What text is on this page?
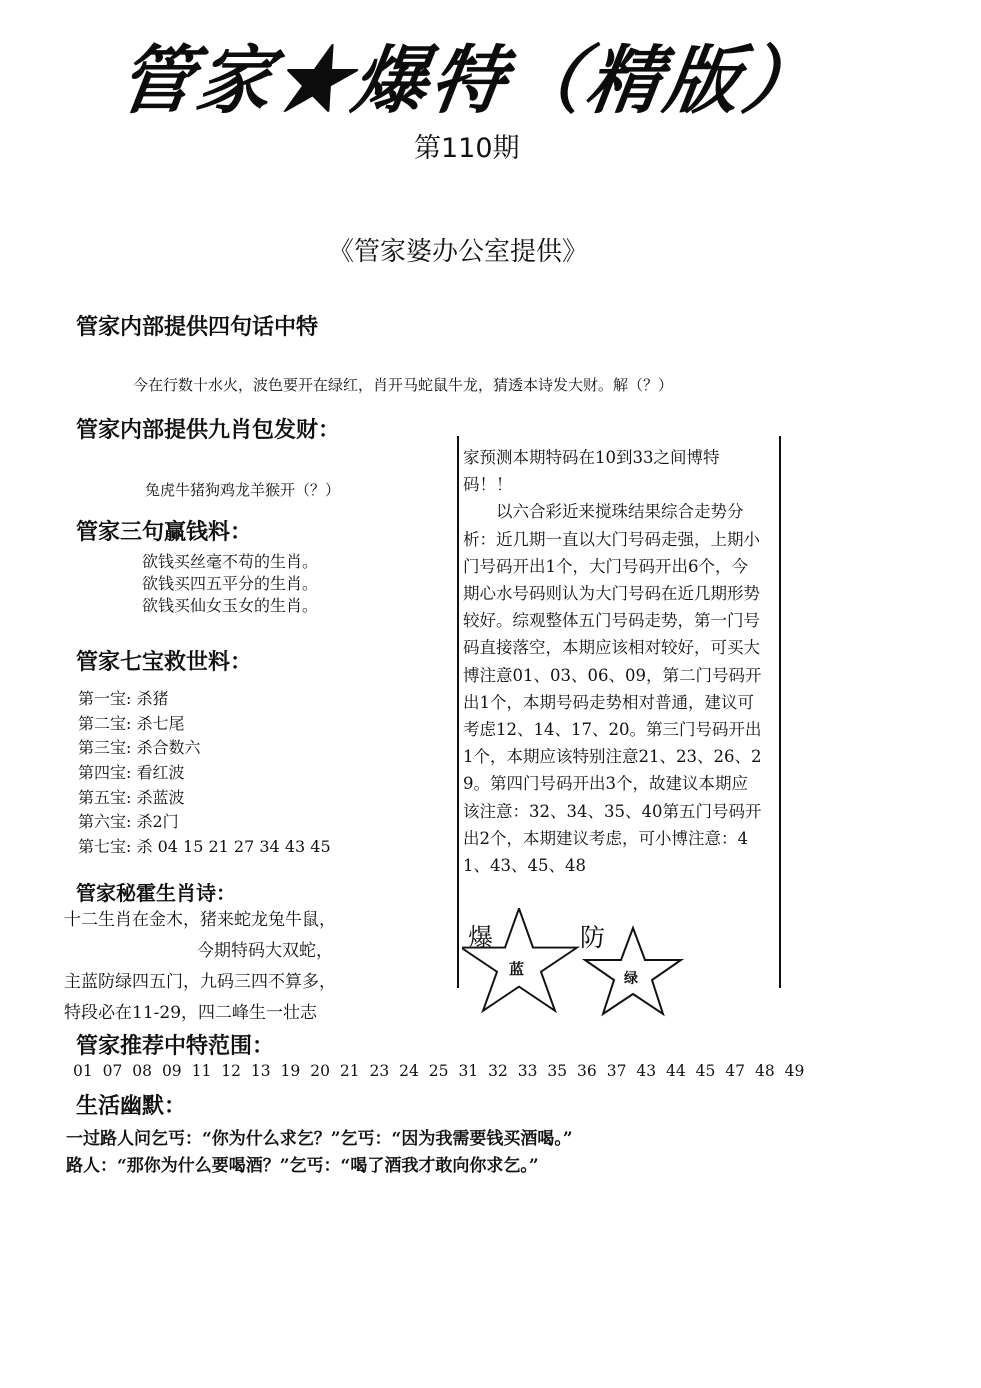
管家★爆特（精版）
第110期
《管家婆办公室提供》
管家内部提供四句话中特
今在行数十水火，波色要开在绿红，肖开马蛇鼠牛龙，猜透本诗发大财。解（？）
管家内部提供九肖包发财：
兔虎牛猪狗鸡龙羊猴开（？）
管家三句赢钱料：
欲钱买丝毫不苟的生肖。
欲钱买四五平分的生肖。
欲钱买仙女玉女的生肖。
管家七宝救世料：
第一宝: 杀猪
第二宝: 杀七尾
第三宝: 杀合数六
第四宝: 看红波
第五宝: 杀蓝波
第六宝: 杀2门
第七宝: 杀 04 15 21 27 34 43 45
管家秘霍生肖诗：
十二生肖在金木，猪来蛇龙兔牛鼠，
今期特码大双蛇，
主蓝防绿四五门，九码三四不算多，
特段必在11-29，四二峰生一壮志

家预测本期特码在10到33之间博特码！！

以六合彩近来搅珠结果综合走势分析：近几期一直以大门号码走强，上期小门号码开出1个，大门号码开出6个，今期心水号码则认为大门号码在近几期形势较好。综观整体五门号码走势，第一门号码直接落空，本期应该相对较好，可买大博注意01、03、06、09，第二门号码开出1个，本期号码走势相对普通，建议可考虑12、14、17、20。第三门号码开出1个，本期应该特别注意21、23、26、29。第四门号码开出3个，故建议本期应该注意：32、34、35、40第五门号码开出2个，本期建议考虑，可小博注意：41、43、45、48

爆	防
蓝
绿
管家推荐中特范围：
01 07 08 09 11 12 13 19 20 21 23 24 25 31 32 33 35 36 37 43 44 45 47 48 49
生活幽默：
一过路人问乞丐：“你为什么求乞？”乞丐：“因为我需要钱买酒喝。”
路人：“那你为什么要喝酒？”乞丐：“喝了酒我才敢向你求乞。”
